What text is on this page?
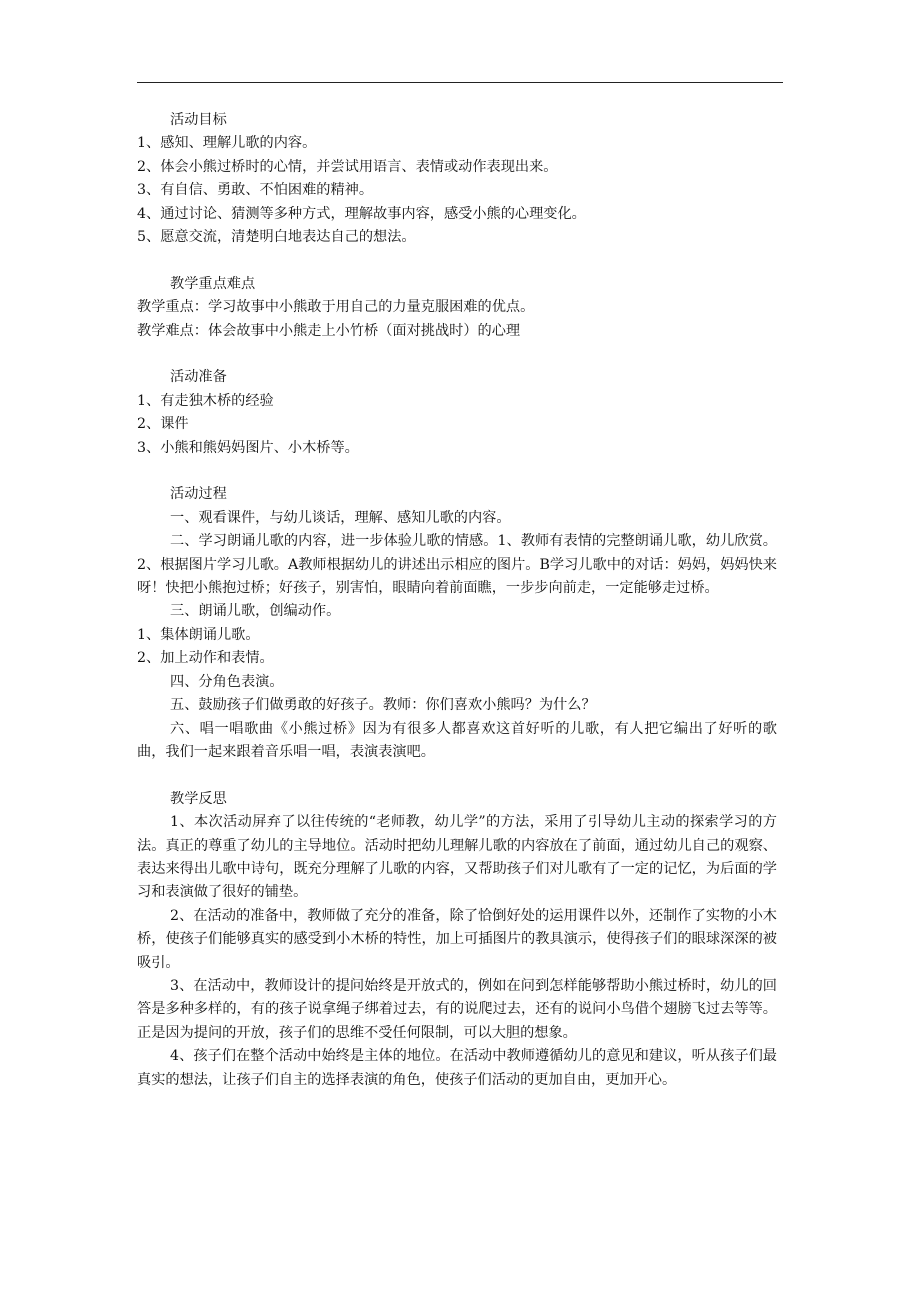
活动目标

1、感知、理解儿歌的内容。

2、体会小熊过桥时的心情，并尝试用语言、表情或动作表现出来。

3、有自信、勇敢、不怕困难的精神。

4、通过讨论、猜测等多种方式，理解故事内容，感受小熊的心理变化。

5、愿意交流，清楚明白地表达自己的想法。

教学重点难点

教学重点：学习故事中小熊敢于用自己的力量克服困难的优点。

教学难点：体会故事中小熊走上小竹桥（面对挑战时）的心理

活动准备

1、有走独木桥的经验

2、课件

3、小熊和熊妈妈图片、小木桥等。

活动过程

一、观看课件，与幼儿谈话，理解、感知儿歌的内容。

二、学习朗诵儿歌的内容，进一步体验儿歌的情感。1、教师有表情的完整朗诵儿歌，幼儿欣赏。2、根据图片学习儿歌。A教师根据幼儿的讲述出示相应的图片。B学习儿歌中的对话：妈妈，妈妈快来呀！快把小熊抱过桥；好孩子，别害怕，眼睛向着前面瞧，一步步向前走，一定能够走过桥。

三、朗诵儿歌，创编动作。

1、集体朗诵儿歌。

2、加上动作和表情。

四、分角色表演。

五、鼓励孩子们做勇敢的好孩子。教师：你们喜欢小熊吗？为什么？

六、唱一唱歌曲《小熊过桥》因为有很多人都喜欢这首好听的儿歌，有人把它编出了好听的歌曲，我们一起来跟着音乐唱一唱，表演表演吧。

教学反思

1、本次活动屏弃了以往传统的“老师教，幼儿学”的方法，采用了引导幼儿主动的探索学习的方法。真正的尊重了幼儿的主导地位。活动时把幼儿理解儿歌的内容放在了前面，通过幼儿自己的观察、表达来得出儿歌中诗句，既充分理解了儿歌的内容，又帮助孩子们对儿歌有了一定的记忆，为后面的学习和表演做了很好的铺垫。

2、在活动的准备中，教师做了充分的准备，除了恰倒好处的运用课件以外，还制作了实物的小木桥，使孩子们能够真实的感受到小木桥的特性，加上可插图片的教具演示，使得孩子们的眼球深深的被吸引。

3、在活动中，教师设计的提问始终是开放式的，例如在问到怎样能够帮助小熊过桥时，幼儿的回答是多种多样的，有的孩子说拿绳子绑着过去，有的说爬过去，还有的说问小鸟借个翅膀飞过去等等。正是因为提问的开放，孩子们的思维不受任何限制，可以大胆的想象。

4、孩子们在整个活动中始终是主体的地位。在活动中教师遵循幼儿的意见和建议，听从孩子们最真实的想法，让孩子们自主的选择表演的角色，使孩子们活动的更加自由，更加开心。
